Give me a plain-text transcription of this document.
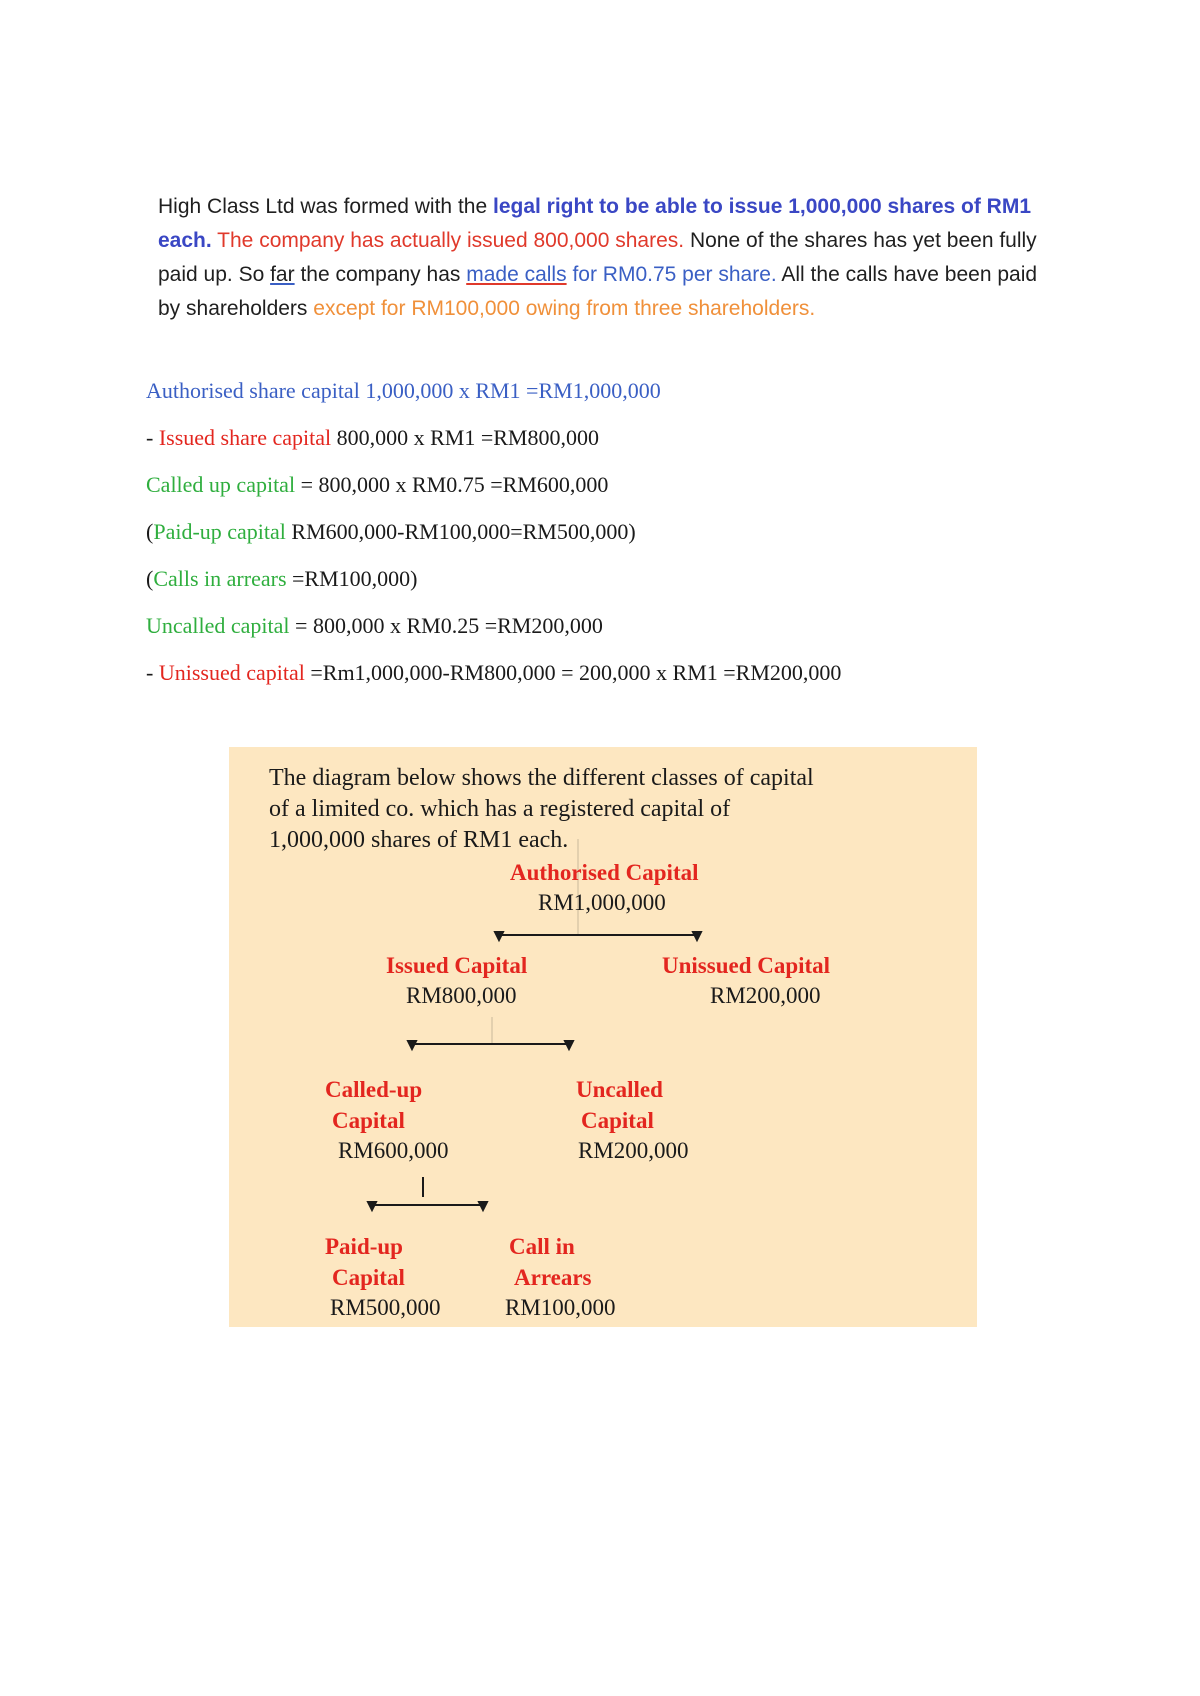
High Class Ltd was formed with the legal right to be able to issue 1,000,000 shares of RM1 each. The company has actually issued 800,000 shares. None of the shares has yet been fully paid up. So far the company has made calls for RM0.75 per share. All the calls have been paid by shareholders except for RM100,000 owing from three shareholders.
Authorised share capital 1,000,000 x RM1 =RM1,000,000
- Issued share capital 800,000 x RM1 =RM800,000
Called up capital = 800,000 x RM0.75 =RM600,000
(Paid-up capital RM600,000-RM100,000=RM500,000)
(Calls in arrears =RM100,000)
Uncalled capital = 800,000 x RM0.25 =RM200,000
- Unissued capital =Rm1,000,000-RM800,000 = 200,000 x RM1 =RM200,000
The diagram below shows the different classes of capital
of a limited co. which has a registered capital of
1,000,000 shares of RM1 each.
Authorised Capital
RM1,000,000
Issued Capital
RM800,000
Unissued Capital
RM200,000
Called-up
Capital
RM600,000
Uncalled
Capital
RM200,000
Paid-up
Capital
RM500,000
Call in
Arrears
RM100,000
